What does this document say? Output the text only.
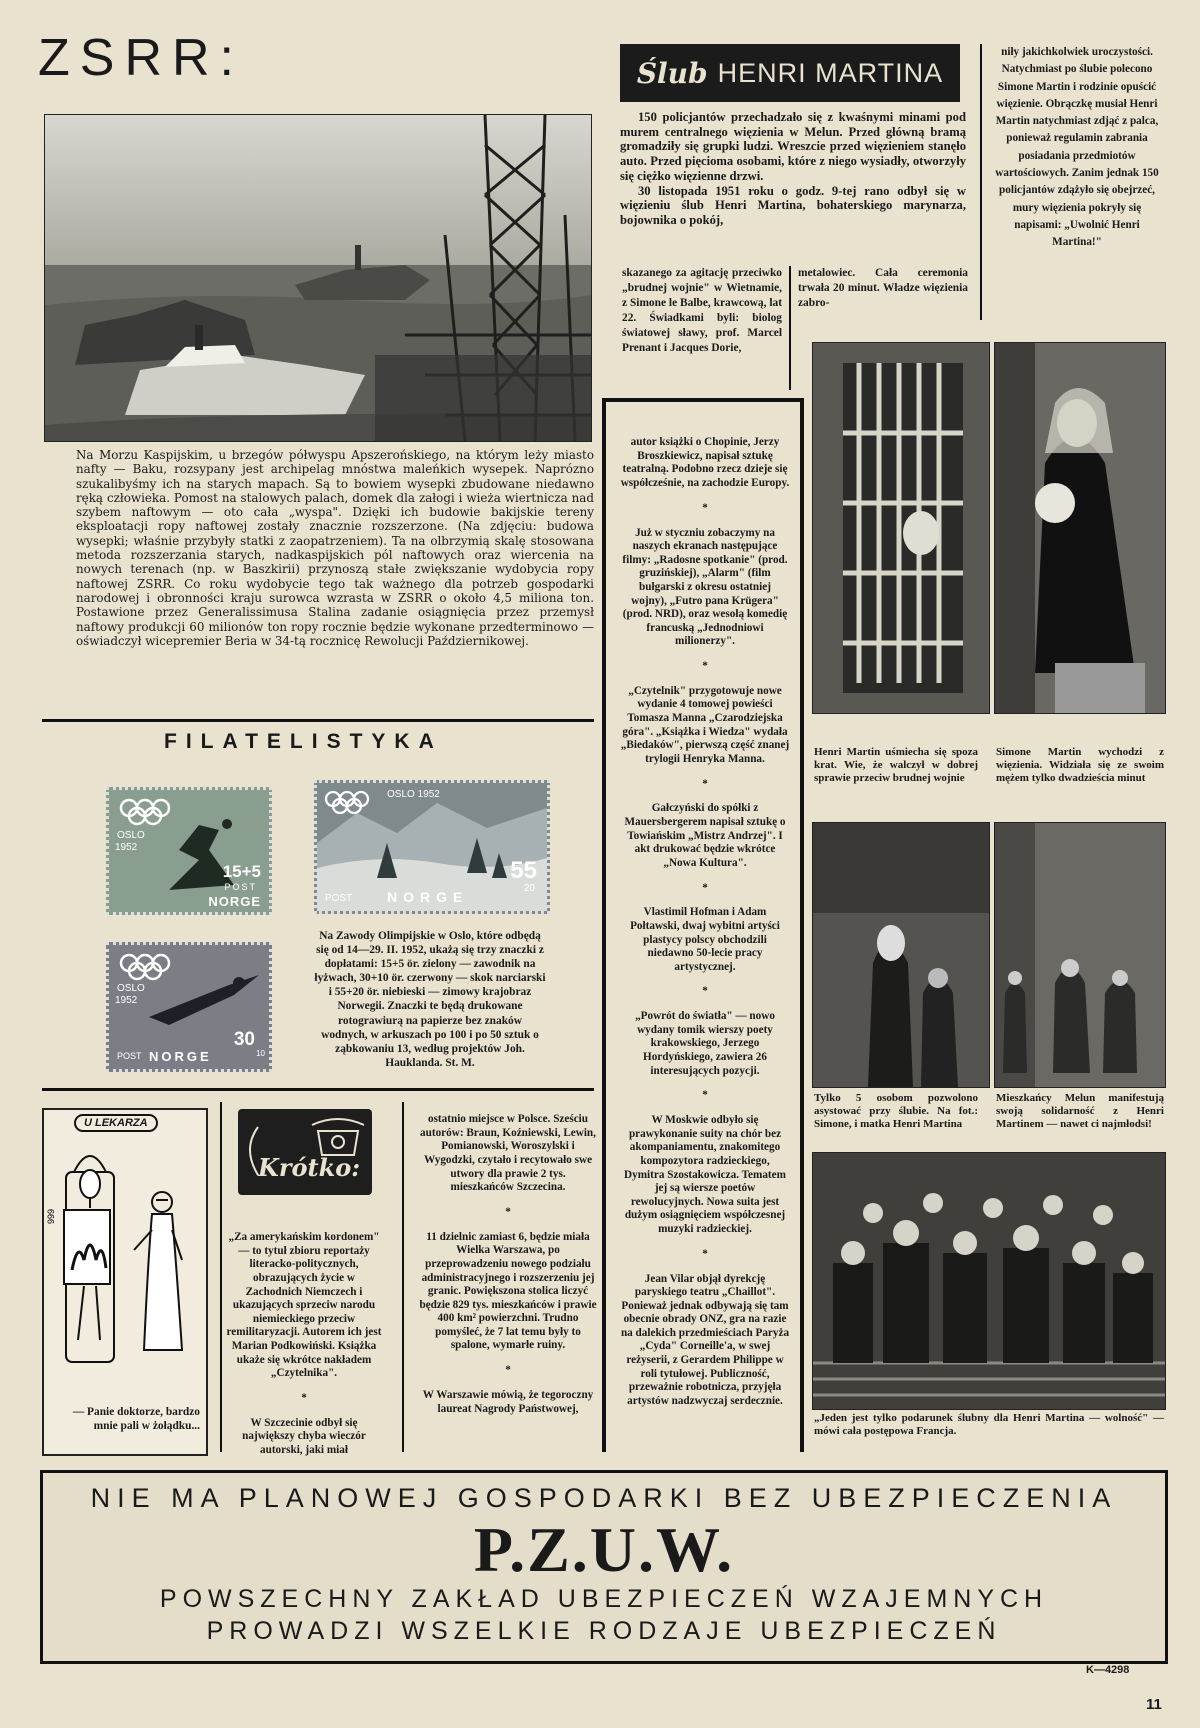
ZSRR:
Na Morzu Kaspijskim, u brzegów półwyspu Apszerońskiego, na którym leży miasto nafty — Baku, rozsypany jest archipelag mnóstwa maleńkich wysepek. Naprózno szukalibyśmy ich na starych mapach. Są to bowiem wysepki zbudowane niedawno ręką człowieka. Pomost na stalowych palach, domek dla załogi i wieża wiertnicza nad szybem naftowym — oto cała „wyspa". Dzięki ich budowie bakijskie tereny eksploatacji ropy naftowej zostały znacznie rozszerzone. (Na zdjęciu: budowa wysepki; właśnie przybyły statki z zaopatrzeniem). Ta na olbrzymią skalę stosowana metoda rozszerzania starych, nadkaspijskich pól naftowych oraz wiercenia na nowych terenach (np. w Baszkirii) przynoszą stałe zwiększanie wydobycia ropy naftowej ZSRR. Co roku wydobycie tego tak ważnego dla potrzeb gospodarki narodowej i obronności kraju surowca wzrasta w ZSRR o około 4,5 miliona ton. Postawione przez Generalissimusa Stalina zadanie osiągnięcia przez przemysł naftowy produkcji 60 milionów ton ropy rocznie będzie wykonane przedterminowo — oświadczył wicepremier Beria w 34-tą rocznicę Rewolucji Październikowej.
FILATELISTYKA
OSLO
1952
15+5
POST
NORGE
OSLO 1952
55
20
POST NORGE
OSLO
1952
30
10
POST NORGE
Na Zawody Olimpijskie w Oslo, które odbędą się od 14—29. II. 1952, ukażą się trzy znaczki z dopłatami: 15+5 ör. zielony — zawodnik na łyżwach, 30+10 ör. czerwony — skok narciarski i 55+20 ör. niebieski — zimowy krajobraz Norwegii. Znaczki te będą drukowane rotograwiurą na papierze bez znaków wodnych, w arkuszach po 100 i po 50 sztuk o ząbkowaniu 13, według projektów Joh. Hauklanda. St. M.
999
U LEKARZA
— Panie doktorze, bardzo mnie pali w żołądku...
Krótko:

„Za amerykańskim kordonem" — to tytuł zbioru reportaży literacko-politycznych, obrazujących życie w Zachodnich Niemczech i ukazujących sprzeciw narodu niemieckiego przeciw remilitaryzacji. Autorem ich jest Marian Podkowiński. Książka ukaże się wkrótce nakładem „Czytelnika".

*

W Szczecinie odbył się największy chyba wieczór autorski, jaki miał

ostatnio miejsce w Polsce. Sześciu autorów: Braun, Koźniewski, Lewin, Pomianowski, Woroszylski i Wygodzki, czytało i recytowało swe utwory dla prawie 2 tys. mieszkańców Szczecina.

*

11 dzielnic zamiast 6, będzie miała Wielka Warszawa, po przeprowadzeniu nowego podziału administracyjnego i rozszerzeniu jej granic. Powiększona stolica liczyć będzie 829 tys. mieszkańców i prawie 400 km² powierzchni. Trudno pomyśleć, że 7 lat temu były to spalone, wymarłe ruiny.

*

W Warszawie mówią, że tegoroczny laureat Nagrody Państwowej,

autor książki o Chopinie, Jerzy Broszkiewicz, napisał sztukę teatralną. Podobno rzecz dzieje się współcześnie, na zachodzie Europy.

*

Już w styczniu zobaczymy na naszych ekranach następujące filmy: „Radosne spotkanie" (prod. gruzińskiej), „Alarm" (film bułgarski z okresu ostatniej wojny), „Futro pana Krügera" (prod. NRD), oraz wesołą komedię francuską „Jednodniowi milionerzy".

*

„Czytelnik" przygotowuje nowe wydanie 4 tomowej powieści Tomasza Manna „Czarodziejska góra". „Książka i Wiedza" wydała „Biedaków", pierwszą część znanej trylogii Henryka Manna.

*

Gałczyński do spółki z Mauersbergerem napisał sztukę o Towiańskim „Mistrz Andrzej". I akt drukować będzie wkrótce „Nowa Kultura".

*

Vlastimil Hofman i Adam Połtawski, dwaj wybitni artyści plastycy polscy obchodzili niedawno 50-lecie pracy artystycznej.

*

„Powrót do światła" — nowo wydany tomik wierszy poety krakowskiego, Jerzego Hordyńskiego, zawiera 26 interesujących pozycji.

*

W Moskwie odbyło się prawykonanie suity na chór bez akompaniamentu, znakomitego kompozytora radzieckiego, Dymitra Szostakowicza. Tematem jej są wiersze poetów rewolucyjnych. Nowa suita jest dużym osiągnięciem współczesnej muzyki radzieckiej.

*

Jean Vilar objął dyrekcję paryskiego teatru „Chaillot". Ponieważ jednak odbywają się tam obecnie obrady ONZ, gra na razie na dalekich przedmieściach Paryża „Cyda" Corneille'a, w swej reżyserii, z Gerardem Philippe w roli tytułowej. Publiczność, przeważnie robotnicza, przyjęła artystów nadzwyczaj serdecznie.

Ślub HENRI MARTINA

150 policjantów przechadzało się z kwaśnymi minami pod murem centralnego więzienia w Melun. Przed główną bramą gromadziły się grupki ludzi. Wreszcie przed więzieniem stanęło auto. Przed pięcioma osobami, które z niego wysiadły, otworzyły się ciężko więzienne drzwi.

30 listopada 1951 roku o godz. 9-tej rano odbył się w więzieniu ślub Henri Martina, bohaterskiego marynarza, bojownika o pokój,

skazanego za agitację przeciwko „brudnej wojnie" w Wietnamie, z Simone le Balbe, krawcową, lat 22. Świadkami byli: biolog światowej sławy, prof. Marcel Prenant i Jacques Dorie,
metalowiec. Cała ceremonia trwała 20 minut. Władze więzienia zabro-
niły jakichkolwiek uroczystości. Natychmiast po ślubie polecono Simone Martin i rodzinie opuścić więzienie. Obrączkę musiał Henri Martin natychmiast zdjąć z palca, ponieważ regulamin zabrania posiadania przedmiotów wartościowych. Zanim jednak 150 policjantów zdążyło się obejrzeć, mury więzienia pokryły się napisami: „Uwolnić Henri Martina!"
Henri Martin uśmiecha się spoza krat. Wie, że walczył w dobrej sprawie przeciw brudnej wojnie
Simone Martin wychodzi z więzienia. Widziała się ze swoim mężem tylko dwadzieścia minut
Tylko 5 osobom pozwolono asystować przy ślubie. Na fot.: Simone, i matka Henri Martina
Mieszkańcy Melun manifestują swoją solidarność z Henri Martinem — nawet ci najmłodsi!
„Jeden jest tylko podarunek ślubny dla Henri Martina — wolność" — mówi cała postępowa Francja.
NIE MA PLANOWEJ GOSPODARKI BEZ UBEZPIECZENIA
P.Z.U.W.
POWSZECHNY ZAKŁAD UBEZPIECZEŃ WZAJEMNYCH
PROWADZI WSZELKIE RODZAJE UBEZPIECZEŃ
K—4298
11
